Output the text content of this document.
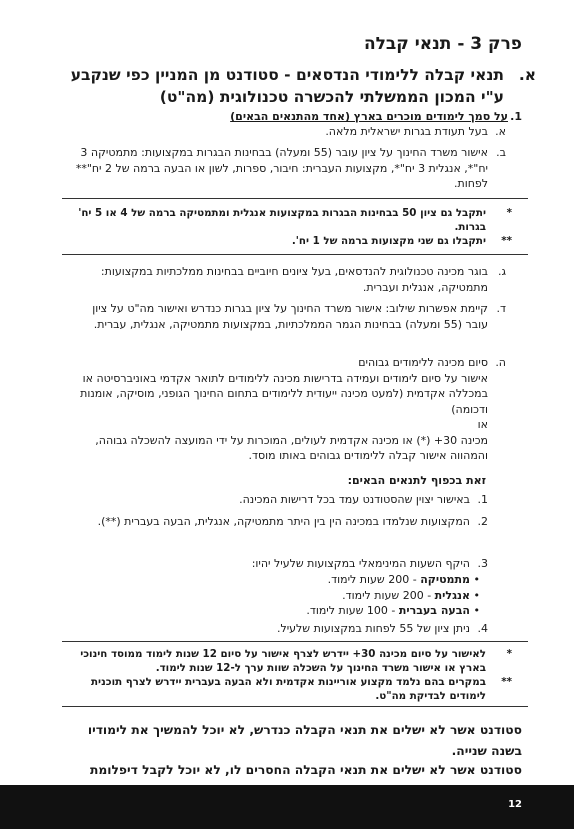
פרק 3 - תנאי קבלה
א.
תנאי קבלה ללימודי הנדסאים - סטודנט מן המניין כפי שנקבע ע"י המכון הממשלתי להכשרה טכנולוגית (מה"ט)
1.
על סמך לימודים מוכרים בארץ (אחד מהתנאים הבאים)
א.
בעל תעודת בגרות ישראלית מלאה.
ב.
אישור משרד החינוך על ציון עובר (55 ומעלה) בבחינות הבגרות במקצועות: מתמטיקה 3 יח"*, אנגלית 3 יח"*, מקצועות העברית: חיבור, ספרות, לשון או הבעה ברמה של 2 יח"** לפחות.
*
יתקבל גם ציון 50 בבחינות הבגרות במקצועות אנגלית ומתמטיקה ברמה של 4 או 5 יח' בגרות.
**
יתקבלו גם שני מקצועות ברמה של 1 יח'.
ג.
בוגר מכינה טכנולוגית להנדסאים, בעל ציונים חיוביים בבחינות ממלכתיות במקצועות: מתמטיקה, אנגלית ועברית.
ד.
קיימת אפשרות שילוב: אישור משרד החינוך על ציון בגרות כנדרש ואישור מה"ט על ציון עובר (55 ומעלה) בבחינות הגמר הממלכתיות, במקצועות מתמטיקה, אנגלית, עברית.
ה.
סיום מכינה ללימודים גבוהים
אישור על סיום לימודים ועמידה בדרישות מכינה ללימודים לתואר אקדמי באוניברסיטה או במכללה אקדמית (למעט מכינה ייעודית ללימודים בתחום החינוך הגופני, מוסיקה, אומנות ודכומה)
או
מכינה 30+ (*) או מכינה אקדמית לעולים, המוכרות על ידי המועצה להשכלה גבוהה, והמהווה אישור קבלה ללימודים גבוהים באותו מוסד.
זאת בכפוף לתנאים הבאים:
1.
באישור יצוין שהסטודנט עמד בכל דרישות המכינה.
2.
המקצועות שנלמדו במכינה הין בין היתר מתמטיקה, אנגלית, הבעה בעברית (**).
3.
היקף השעות המינימאלי במקצועות שלעיל יהיו:
•
מתמטיקה - 200 שעות לימוד.
•
אנגלית - 200 שעות לימוד.
•
הבעה בעברית - 100 שעות לימוד.
4.
ניתן ציון של 55 לפחות במקצועות שלעיל.
*
לאישור על סיום מכינה 30+ יידרש לצרף אישור על סיום 12 שנות לימוד ממוסד חינוכי בארץ או אישור משרד החינוך על השכלה שוות ערך ל-12 שנות לימוד.
**
במקרים בהם נלמד מקצוע אוריינות אקדמית ולא הבעה בעברית יידרש לצרף תוכנית לימודים לבדיקת מה"ט.
סטודנט אשר לא ישלים את תנאי הקבלה כנדרש, לא יוכל להמשיך את לימודיו בשנה שנייה.
סטודנט אשר לא ישלים את תנאי הקבלה החסרים לו, לא יוכל לקבל דיפלומת
12
